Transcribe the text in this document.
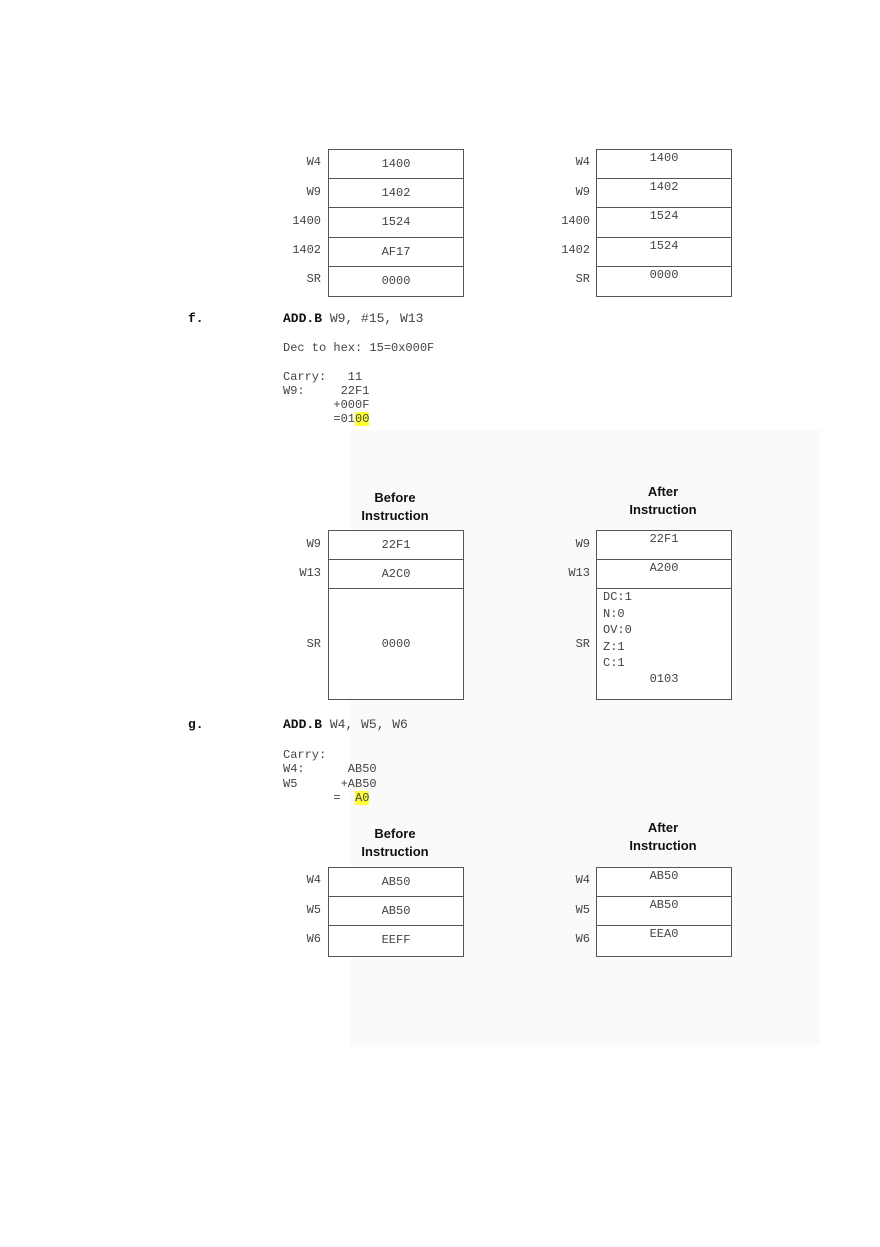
W4
W9
1400
1402
SR
1400
1402
1524
AF17
0000
W4
W9
1400
1402
SR
1400
1402
1524
1524
0000
f.	ADD.B W9, #15, W13
Dec to hex: 15=0x000F
Carry:   11
W9:     22F1
+000F
=0100
Before
Instruction
After
Instruction
W9
W13
SR
22F1
A2C0
0000
W9
W13
SR
22F1
A200
DC:1
N:0
OV:0
Z:1
C:1
0103
g.	ADD.B W4, W5, W6
Carry:
W4:      AB50
W5      +AB50
=  A0
Before
Instruction
After
Instruction
W4
W5
W6
AB50
AB50
EEFF
W4
W5
W6
AB50
AB50
EEA0
